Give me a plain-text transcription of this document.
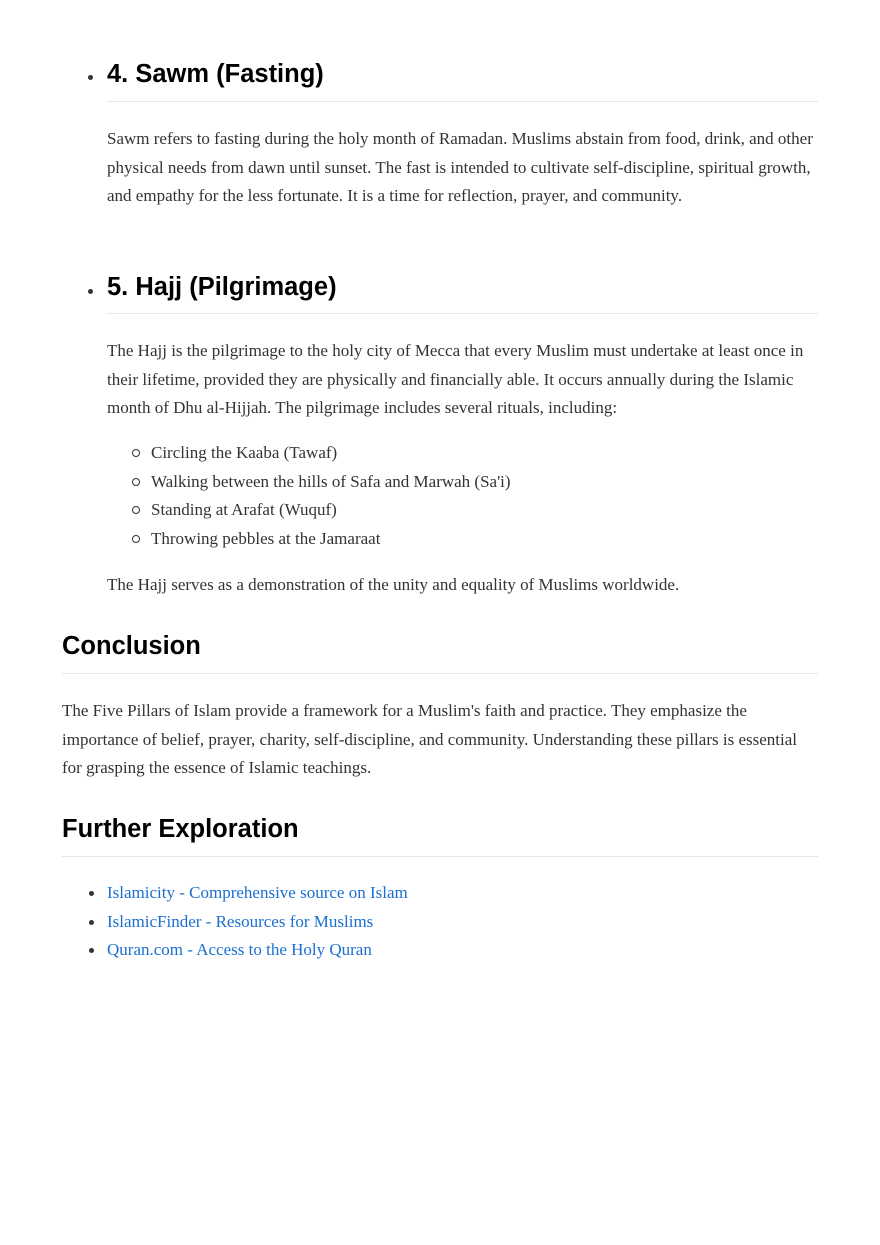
4. Sawm (Fasting)

Sawm refers to fasting during the holy month of Ramadan. Muslims abstain from food, drink, and other physical needs from dawn until sunset. The fast is intended to cultivate self-discipline, spiritual growth, and empathy for the less fortunate. It is a time for reflection, prayer, and community.

5. Hajj (Pilgrimage)

The Hajj is the pilgrimage to the holy city of Mecca that every Muslim must undertake at least once in their lifetime, provided they are physically and financially able. It occurs annually during the Islamic month of Dhu al-Hijjah. The pilgrimage includes several rituals, including:

Circling the Kaaba (Tawaf)
Walking between the hills of Safa and Marwah (Sa'i)
Standing at Arafat (Wuquf)
Throwing pebbles at the Jamaraat

The Hajj serves as a demonstration of the unity and equality of Muslims worldwide.

Conclusion

The Five Pillars of Islam provide a framework for a Muslim's faith and practice. They emphasize the importance of belief, prayer, charity, self-discipline, and community. Understanding these pillars is essential for grasping the essence of Islamic teachings.

Further Exploration
Islamicity - Comprehensive source on Islam
IslamicFinder - Resources for Muslims
Quran.com - Access to the Holy Quran
